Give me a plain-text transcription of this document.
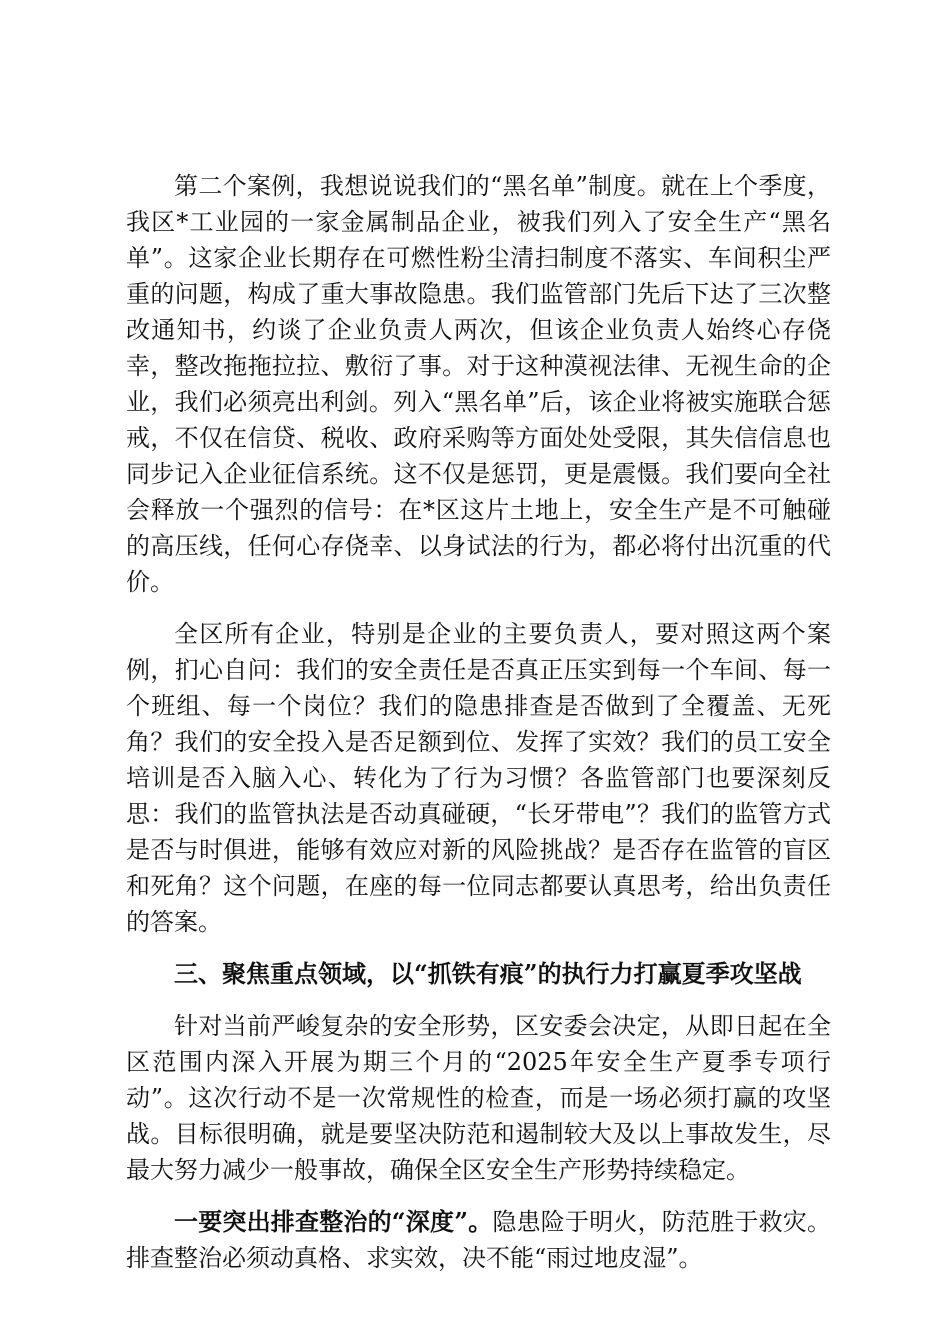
第二个案例，我想说说我们的“黑名单”制度。就在上个季度，我区*工业园的一家金属制品企业，被我们列入了安全生产“黑名单”。这家企业长期存在可燃性粉尘清扫制度不落实、车间积尘严重的问题，构成了重大事故隐患。我们监管部门先后下达了三次整改通知书，约谈了企业负责人两次，但该企业负责人始终心存侥幸，整改拖拖拉拉、敷衍了事。对于这种漠视法律、无视生命的企业，我们必须亮出利剑。列入“黑名单”后，该企业将被实施联合惩戒，不仅在信贷、税收、政府采购等方面处处受限，其失信信息也同步记入企业征信系统。这不仅是惩罚，更是震慑。我们要向全社会释放一个强烈的信号：在*区这片土地上，安全生产是不可触碰的高压线，任何心存侥幸、以身试法的行为，都必将付出沉重的代价。

全区所有企业，特别是企业的主要负责人，要对照这两个案例，扪心自问：我们的安全责任是否真正压实到每一个车间、每一个班组、每一个岗位？我们的隐患排查是否做到了全覆盖、无死角？我们的安全投入是否足额到位、发挥了实效？我们的员工安全培训是否入脑入心、转化为了行为习惯？各监管部门也要深刻反思：我们的监管执法是否动真碰硬，“长牙带电”？我们的监管方式是否与时俱进，能够有效应对新的风险挑战？是否存在监管的盲区和死角？这个问题，在座的每一位同志都要认真思考，给出负责任的答案。

三、聚焦重点领域，以“抓铁有痕”的执行力打赢夏季攻坚战

针对当前严峻复杂的安全形势，区安委会决定，从即日起在全区范围内深入开展为期三个月的“2025年安全生产夏季专项行动”。这次行动不是一次常规性的检查，而是一场必须打赢的攻坚战。目标很明确，就是要坚决防范和遏制较大及以上事故发生，尽最大努力减少一般事故，确保全区安全生产形势持续稳定。

一要突出排查整治的“深度”。隐患险于明火，防范胜于救灾。排查整治必须动真格、求实效，决不能“雨过地皮湿”。
